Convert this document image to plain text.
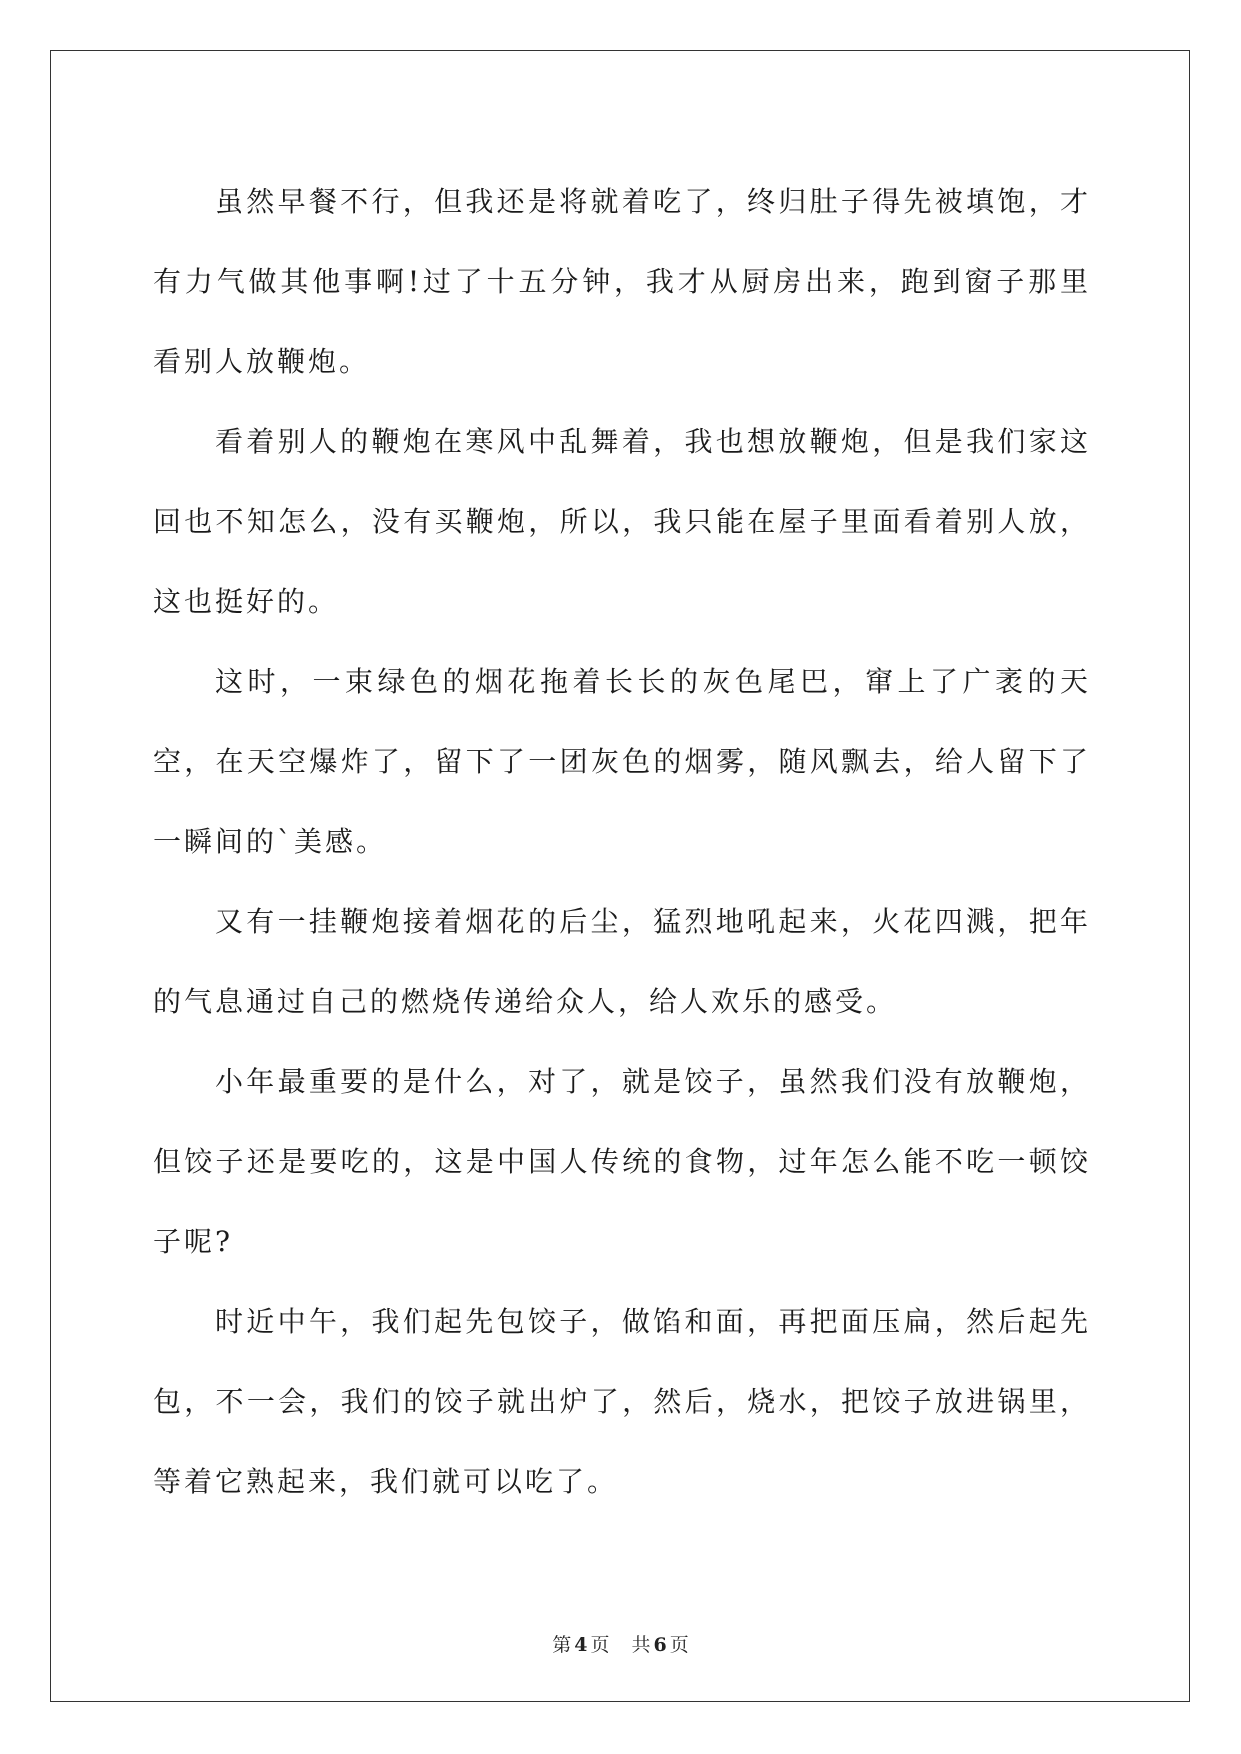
虽然早餐不行，但我还是将就着吃了，终归肚子得先被填饱，才有力气做其他事啊!过了十五分钟，我才从厨房出来，跑到窗子那里看别人放鞭炮。

看着别人的鞭炮在寒风中乱舞着，我也想放鞭炮，但是我们家这回也不知怎么，没有买鞭炮，所以，我只能在屋子里面看着别人放，这也挺好的。

这时，一束绿色的烟花拖着长长的灰色尾巴，窜上了广袤的天空，在天空爆炸了，留下了一团灰色的烟雾，随风飘去，给人留下了一瞬间的`美感。

又有一挂鞭炮接着烟花的后尘，猛烈地吼起来，火花四溅，把年的气息通过自己的燃烧传递给众人，给人欢乐的感受。

小年最重要的是什么，对了，就是饺子，虽然我们没有放鞭炮，但饺子还是要吃的，这是中国人传统的食物，过年怎么能不吃一顿饺子呢?

时近中午，我们起先包饺子，做馅和面，再把面压扁，然后起先包，不一会，我们的饺子就出炉了，然后，烧水，把饺子放进锅里，等着它熟起来，我们就可以吃了。

第 4 页 共 6 页
